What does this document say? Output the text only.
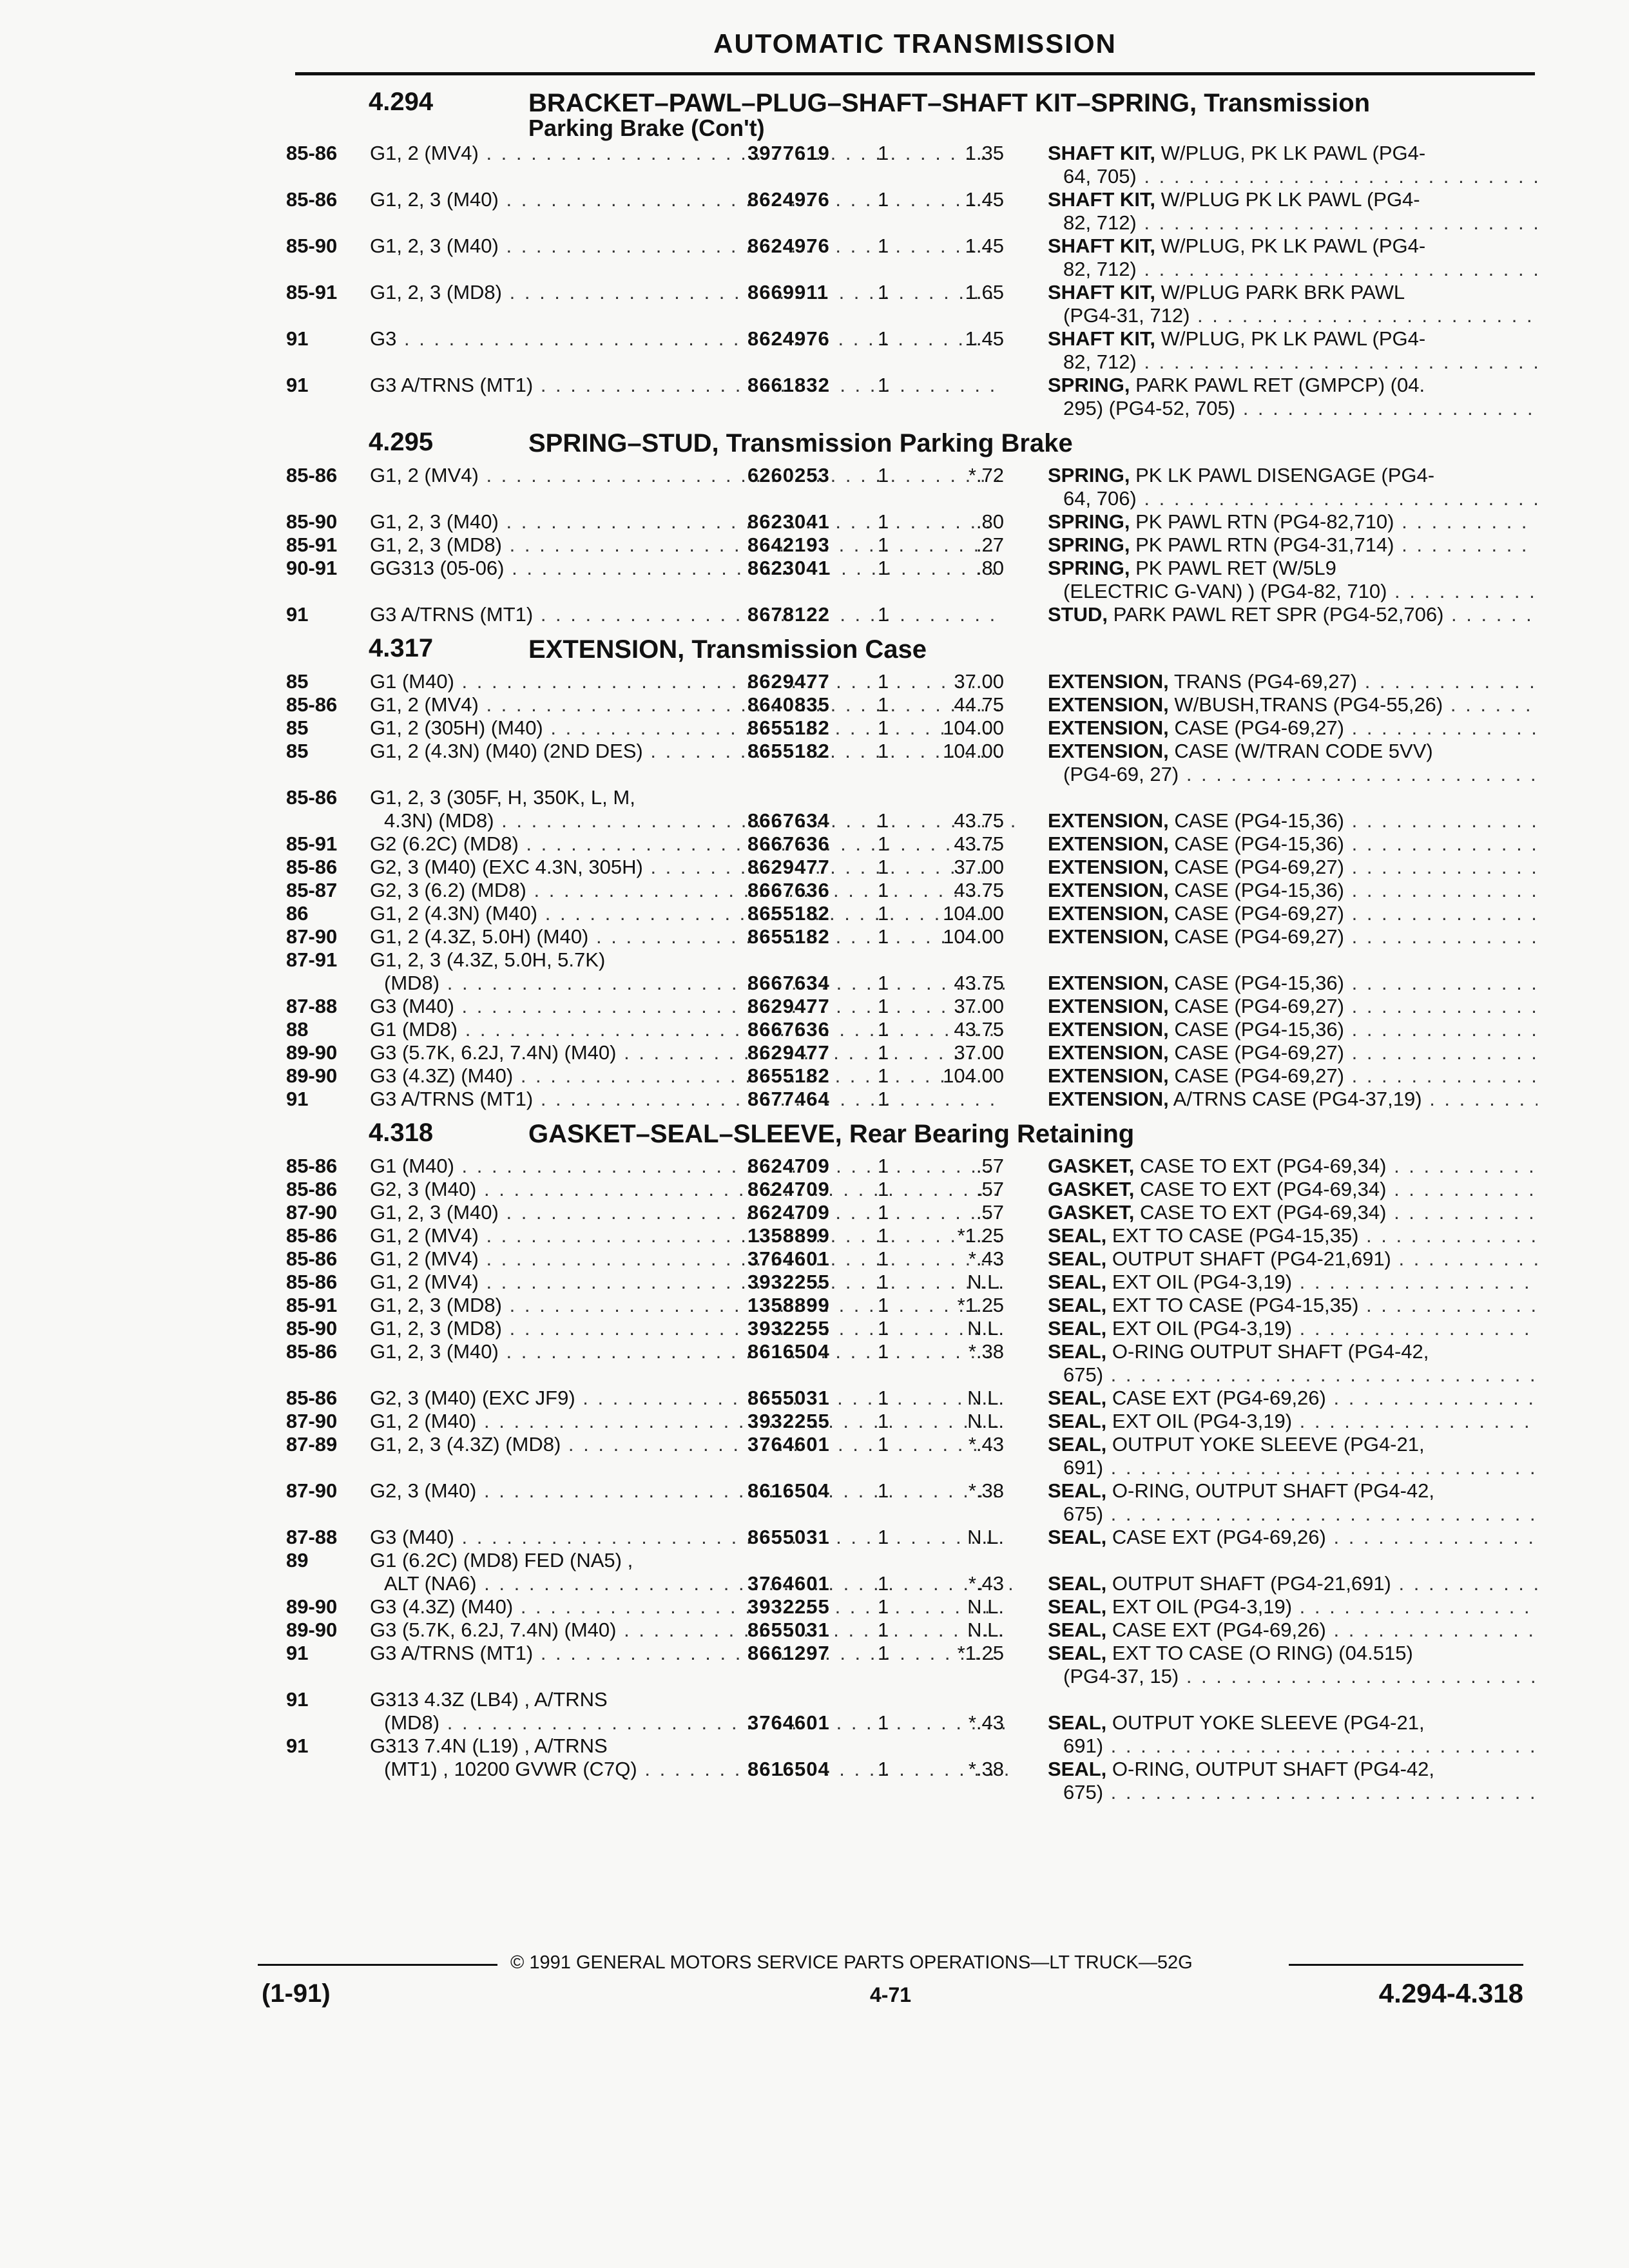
AUTOMATIC TRANSMISSION
4.294	BRACKET–PAWL–PLUG–SHAFT–SHAFT KIT–SPRING, Transmission
Parking Brake (Con't)
85-86	G1, 2 (MV4) . . .	3977619 1	1.35 SHAFT KIT, W/PLUG, PK LK PAWL (PG4-
64, 705) . . .
85-86	G1, 2, 3 (M40) . . .	8624976 1	1.45 SHAFT KIT, W/PLUG PK LK PAWL (PG4-
82, 712) . . .
85-90	G1, 2, 3 (M40) . . .	8624976 1	1.45 SHAFT KIT, W/PLUG, PK LK PAWL (PG4-
82, 712) . . .
85-91	G1, 2, 3 (MD8) . . .	8669911 1	1.65 SHAFT KIT, W/PLUG PARK BRK PAWL
(PG4-31, 712) . . .
91	G3 . . .	8624976 1	1.45 SHAFT KIT, W/PLUG, PK LK PAWL (PG4-
82, 712) . . .
91	G3 A/TRNS (MT1) . . .	8661832 1	SPRING, PARK PAWL RET (GMPCP) (04.
295) (PG4-52, 705) . . .
4.295	SPRING–STUD, Transmission Parking Brake
85-86	G1, 2 (MV4) . . .	6260253 1	*.72 SPRING, PK LK PAWL DISENGAGE (PG4-
64, 706) . . .
85-90	G1, 2, 3 (M40) . . .	8623041 1	.80 SPRING, PK PAWL RTN (PG4-82,710) . . .
85-91	G1, 2, 3 (MD8) . . .	8642193 1	.27 SPRING, PK PAWL RTN (PG4-31,714) . . .
90-91	GG313 (05-06) . . .	8623041 1	.80 SPRING, PK PAWL RET (W/5L9
(ELECTRIC G-VAN) ) (PG4-82, 710) . . .
91	G3 A/TRNS (MT1) . . .	8678122 1	STUD, PARK PAWL RET SPR (PG4-52,706) . . .
4.317	EXTENSION, Transmission Case
85	G1 (M40) . . .	8629477 1	37.00 EXTENSION, TRANS (PG4-69,27) . . .
85-86	G1, 2 (MV4) . . .	8640835 1	44.75 EXTENSION, W/BUSH,TRANS (PG4-55,26) . . .
85	G1, 2 (305H) (M40) . . .	8655182 1	104.00 EXTENSION, CASE (PG4-69,27) . . .
85	G1, 2 (4.3N) (M40) (2ND DES) . . .	8655182 1	104.00 EXTENSION, CASE (W/TRAN CODE 5VV)
(PG4-69, 27) . . .
85-86	G1, 2, 3 (305F, H, 350K, L, M,
4.3N) (MD8) . . .	8667634 1	43.75 EXTENSION, CASE (PG4-15,36) . . .
85-91	G2 (6.2C) (MD8) . . .	8667636 1	43.75 EXTENSION, CASE (PG4-15,36) . . .
85-86	G2, 3 (M40) (EXC 4.3N, 305H) . . .	8629477 1	37.00 EXTENSION, CASE (PG4-69,27) . . .
85-87	G2, 3 (6.2) (MD8) . . .	8667636 1	43.75 EXTENSION, CASE (PG4-15,36) . . .
86	G1, 2 (4.3N) (M40) . . .	8655182 1	104.00 EXTENSION, CASE (PG4-69,27) . . .
87-90	G1, 2 (4.3Z, 5.0H) (M40) . . .	8655182 1	104.00 EXTENSION, CASE (PG4-69,27) . . .
87-91	G1, 2, 3 (4.3Z, 5.0H, 5.7K)
(MD8) . . .	8667634 1	43.75 EXTENSION, CASE (PG4-15,36) . . .
87-88	G3 (M40) . . .	8629477 1	37.00 EXTENSION, CASE (PG4-69,27) . . .
88	G1 (MD8) . . .	8667636 1	43.75 EXTENSION, CASE (PG4-15,36) . . .
89-90	G3 (5.7K, 6.2J, 7.4N) (M40) . . .	8629477 1	37.00 EXTENSION, CASE (PG4-69,27) . . .
89-90	G3 (4.3Z) (M40) . . .	8655182 1	104.00 EXTENSION, CASE (PG4-69,27) . . .
91	G3 A/TRNS (MT1) . . .	8677464 1	EXTENSION, A/TRNS CASE (PG4-37,19) . . .
4.318	GASKET–SEAL–SLEEVE, Rear Bearing Retaining
85-86	G1 (M40) . . .	8624709 1	.57 GASKET, CASE TO EXT (PG4-69,34) . . .
85-86	G2, 3 (M40) . . .	8624709 1	.57 GASKET, CASE TO EXT (PG4-69,34) . . .
87-90	G1, 2, 3 (M40) . . .	8624709 1	.57 GASKET, CASE TO EXT (PG4-69,34) . . .
85-86	G1, 2 (MV4) . . .	1358899 1	*1.25 SEAL, EXT TO CASE (PG4-15,35) . . .
85-86	G1, 2 (MV4) . . .	3764601 1	*.43 SEAL, OUTPUT SHAFT (PG4-21,691) . . .
85-86	G1, 2 (MV4) . . .	3932255 1	N.L. SEAL, EXT OIL (PG4-3,19) . . .
85-91	G1, 2, 3 (MD8) . . .	1358899 1	*1.25 SEAL, EXT TO CASE (PG4-15,35) . . .
85-90	G1, 2, 3 (MD8) . . .	3932255 1	N.L. SEAL, EXT OIL (PG4-3,19) . . .
85-86	G1, 2, 3 (M40) . . .	8616504 1	*.38 SEAL, O-RING OUTPUT SHAFT (PG4-42,
675) . . .
85-86	G2, 3 (M40) (EXC JF9) . . .	8655031 1	N.L. SEAL, CASE EXT (PG4-69,26) . . .
87-90	G1, 2 (M40) . . .	3932255 1	N.L. SEAL, EXT OIL (PG4-3,19) . . .
87-89	G1, 2, 3 (4.3Z) (MD8) . . .	3764601 1	*.43 SEAL, OUTPUT YOKE SLEEVE (PG4-21,
691) . . .
87-90	G2, 3 (M40) . . .	8616504 1	*.38 SEAL, O-RING, OUTPUT SHAFT (PG4-42,
675) . . .
87-88	G3 (M40) . . .	8655031 1	N.L. SEAL, CASE EXT (PG4-69,26) . . .
89	G1 (6.2C) (MD8) FED (NA5) ,
ALT (NA6) . . .	3764601 1	*.43 SEAL, OUTPUT SHAFT (PG4-21,691) . . .
89-90	G3 (4.3Z) (M40) . . .	3932255 1	N.L. SEAL, EXT OIL (PG4-3,19) . . .
89-90	G3 (5.7K, 6.2J, 7.4N) (M40) . . .	8655031 1	N.L. SEAL, CASE EXT (PG4-69,26) . . .
91	G3 A/TRNS (MT1) . . .	8661297 1	*1.25 SEAL, EXT TO CASE (O RING) (04.515)
(PG4-37, 15) . . .
91	G313 4.3Z (LB4) , A/TRNS
(MD8) . . .	3764601 1	*.43 SEAL, OUTPUT YOKE SLEEVE (PG4-21,
691) . . .
91	G313 7.4N (L19) , A/TRNS
(MT1) , 10200 GVWR (C7Q) . . .	8616504 1	*.38 SEAL, O-RING, OUTPUT SHAFT (PG4-42,
675) . . .
© 1991 GENERAL MOTORS SERVICE PARTS OPERATIONS—LT TRUCK—52G
(1-91)	4-71	4.294-4.318
